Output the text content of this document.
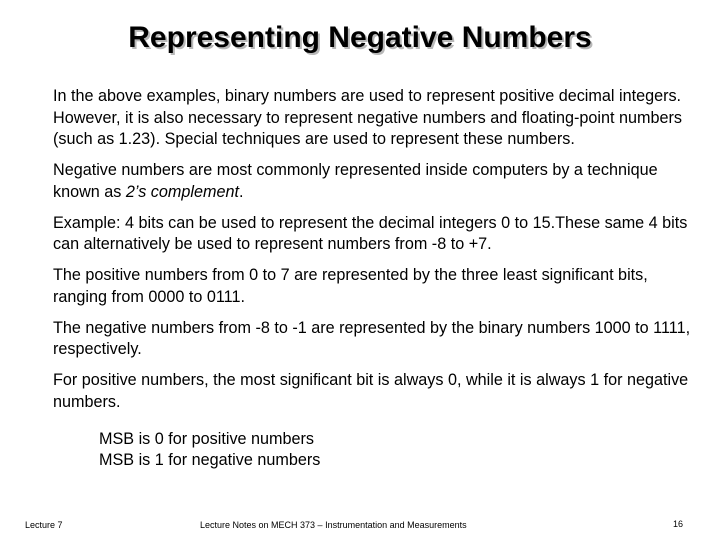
Representing Negative Numbers

In the above examples, binary numbers are used to represent positive decimal integers. However, it is also necessary to represent negative numbers and floating-point numbers (such as 1.23). Special techniques are used to represent these numbers.

Negative numbers are most commonly represented inside computers by a technique known as 2’s complement.

Example: 4 bits can be used to represent the decimal integers 0 to 15.These same 4 bits can alternatively be used to represent numbers from -8 to +7.

The positive numbers from 0 to 7 are represented by the three least significant bits, ranging from 0000 to 0111.

The negative numbers from -8 to -1 are represented by the binary numbers 1000 to 1111, respectively.

For positive numbers, the most significant bit is always 0, while it is always 1 for negative numbers.

MSB is 0 for positive numbers

MSB is 1 for negative numbers

Lecture 7	Lecture Notes on MECH 373 – Instrumentation and Measurements	16
